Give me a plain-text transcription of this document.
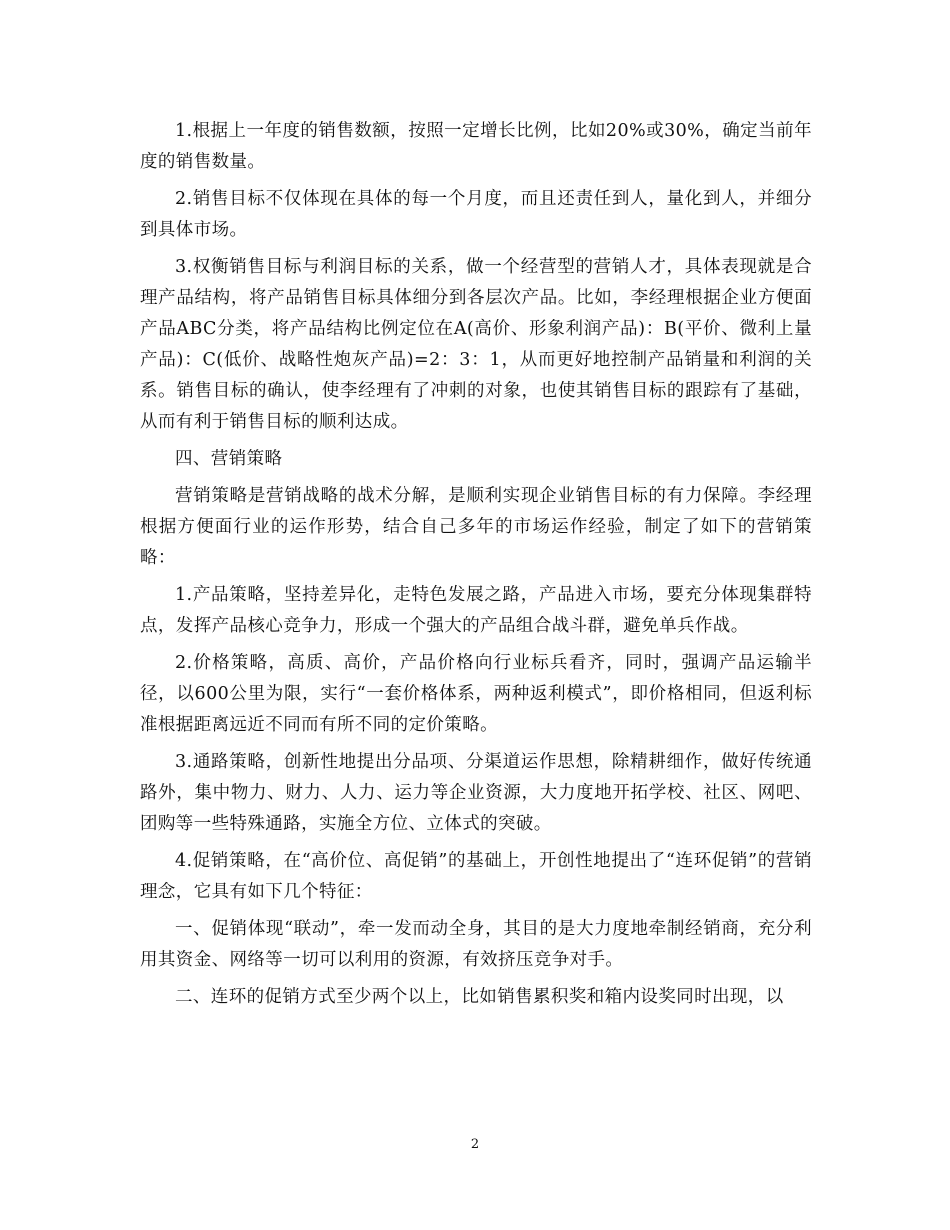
1.根据上一年度的销售数额，按照一定增长比例，比如20%或30%，确定当前年度的销售数量。

2.销售目标不仅体现在具体的每一个月度，而且还责任到人，量化到人，并细分到具体市场。

3.权衡销售目标与利润目标的关系，做一个经营型的营销人才，具体表现就是合理产品结构，将产品销售目标具体细分到各层次产品。比如，李经理根据企业方便面产品ABC分类，将产品结构比例定位在A(高价、形象利润产品)：B(平价、微利上量产品)：C(低价、战略性炮灰产品)=2：3：1，从而更好地控制产品销量和利润的关系。销售目标的确认，使李经理有了冲刺的对象，也使其销售目标的跟踪有了基础，从而有利于销售目标的顺利达成。

四、营销策略

营销策略是营销战略的战术分解，是顺利实现企业销售目标的有力保障。李经理根据方便面行业的运作形势，结合自己多年的市场运作经验，制定了如下的营销策略：

1.产品策略，坚持差异化，走特色发展之路，产品进入市场，要充分体现集群特点，发挥产品核心竞争力，形成一个强大的产品组合战斗群，避免单兵作战。

2.价格策略，高质、高价，产品价格向行业标兵看齐，同时，强调产品运输半径，以600公里为限，实行“一套价格体系，两种返利模式”，即价格相同，但返利标准根据距离远近不同而有所不同的定价策略。

3.通路策略，创新性地提出分品项、分渠道运作思想，除精耕细作，做好传统通路外，集中物力、财力、人力、运力等企业资源，大力度地开拓学校、社区、网吧、团购等一些特殊通路，实施全方位、立体式的突破。

4.促销策略，在“高价位、高促销”的基础上，开创性地提出了“连环促销”的营销理念，它具有如下几个特征：

一、促销体现“联动”，牵一发而动全身，其目的是大力度地牵制经销商，充分利用其资金、网络等一切可以利用的资源，有效挤压竞争对手。

二、连环的促销方式至少两个以上，比如销售累积奖和箱内设奖同时出现，以

2
